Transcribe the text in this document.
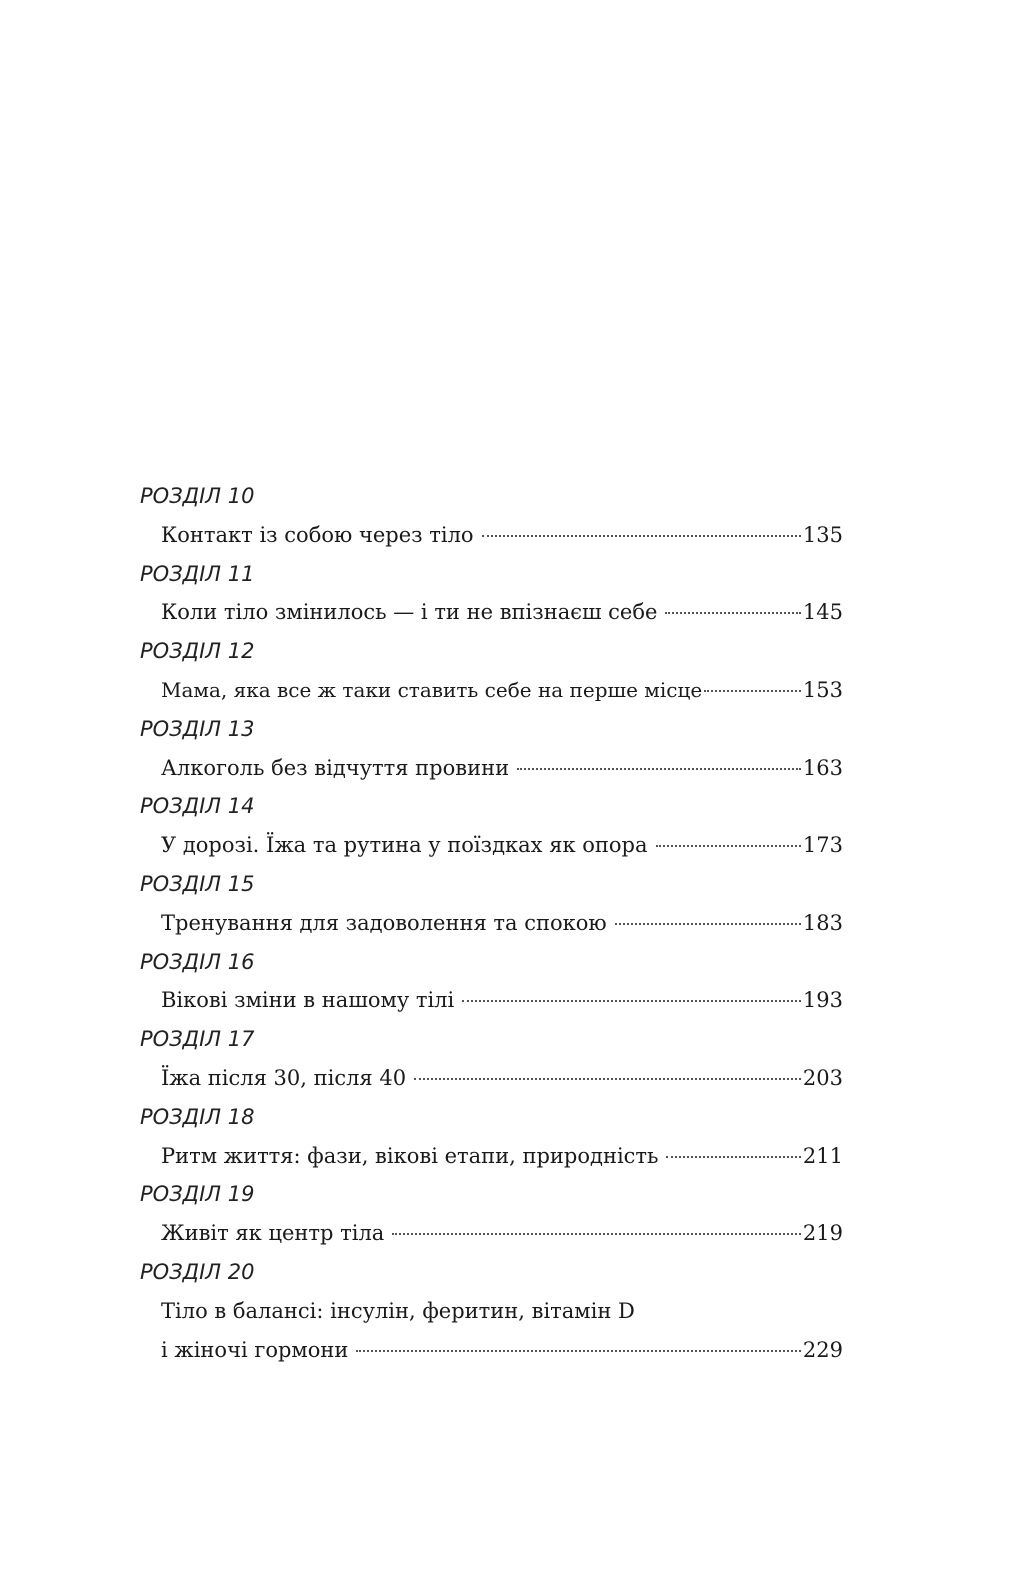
РОЗДІЛ 10
Контакт із собою через тіло	135
РОЗДІЛ 11
Коли тіло змінилось — і ти не впізнаєш себе	145
РОЗДІЛ 12
Мама, яка все ж таки ставить себе на перше місце	153
РОЗДІЛ 13
Алкоголь без відчуття провини	163
РОЗДІЛ 14
У дорозі. Їжа та рутина у поїздках як опора	173
РОЗДІЛ 15
Тренування для задоволення та спокою	183
РОЗДІЛ 16
Вікові зміни в нашому тілі	193
РОЗДІЛ 17
Їжа після 30, після 40	203
РОЗДІЛ 18
Ритм життя: фази, вікові етапи, природність	211
РОЗДІЛ 19
Живіт як центр тіла	219
РОЗДІЛ 20
Тіло в балансі: інсулін, феритин, вітамін D
і жіночі гормони	229
